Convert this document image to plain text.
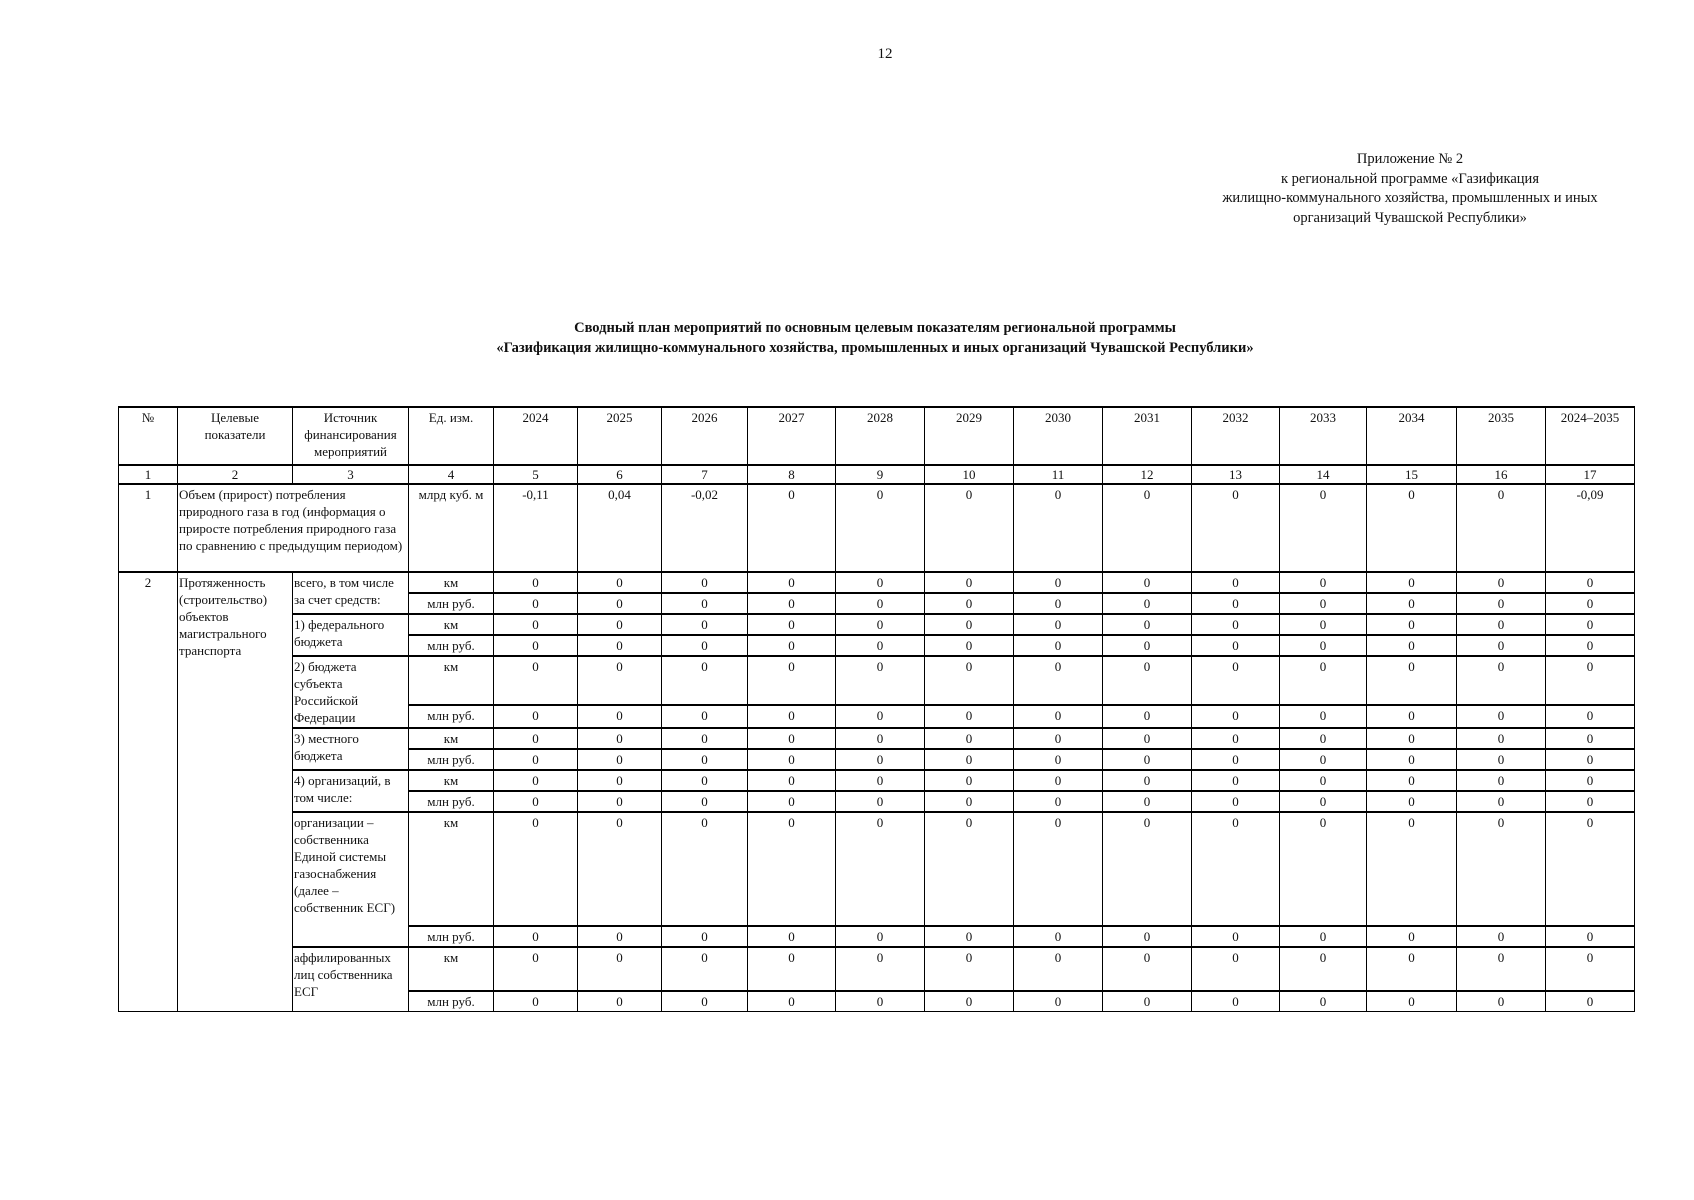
12
Приложение № 2
к региональной программе «Газификация
жилищно-коммунального хозяйства, промышленных и иных
организаций Чувашской Республики»
Сводный план мероприятий по основным целевым показателям региональной программы
«Газификация жилищно-коммунального хозяйства, промышленных и иных организаций Чувашской Республики»
№	Целевые показатели	Источник финансирования мероприятий	Ед. изм.	2024	2025	2026	2027	2028	2029	2030	2031	2032	2033	2034	2035	2024–2035
1	2	3	4	5	6	7	8	9	10	11	12	13	14	15	16	17
1	Объем (прирост) потребления природного газа в год (информация о приросте потребления природного газа по сравнению с предыдущим периодом)		млрд куб. м	-0,11	0,04	-0,02	0	0	0	0	0	0	0	0	0	-0,09
2	Протяженность (строительство) объектов магистрального транспорта	всего, в том числе за счет средств:	км	0	0	0	0	0	0	0	0	0	0	0	0	0
			млн руб.	0	0	0	0	0	0	0	0	0	0	0	0	0
		1) федерального бюджета	км	0	0	0	0	0	0	0	0	0	0	0	0	0
			млн руб.	0	0	0	0	0	0	0	0	0	0	0	0	0
		2) бюджета субъекта Российской Федерации	км	0	0	0	0	0	0	0	0	0	0	0	0	0
			млн руб.	0	0	0	0	0	0	0	0	0	0	0	0	0
		3) местного бюджета	км	0	0	0	0	0	0	0	0	0	0	0	0	0
			млн руб.	0	0	0	0	0	0	0	0	0	0	0	0	0
		4) организаций, в том числе:	км	0	0	0	0	0	0	0	0	0	0	0	0	0
			млн руб.	0	0	0	0	0	0	0	0	0	0	0	0	0
		организации – собственника Единой системы газоснабжения (далее – собственник ЕСГ)	км	0	0	0	0	0	0	0	0	0	0	0	0	0
			млн руб.	0	0	0	0	0	0	0	0	0	0	0	0	0
		аффилированных лиц собственника ЕСГ	км	0	0	0	0	0	0	0	0	0	0	0	0	0
			млн руб.	0	0	0	0	0	0	0	0	0	0	0	0	0
